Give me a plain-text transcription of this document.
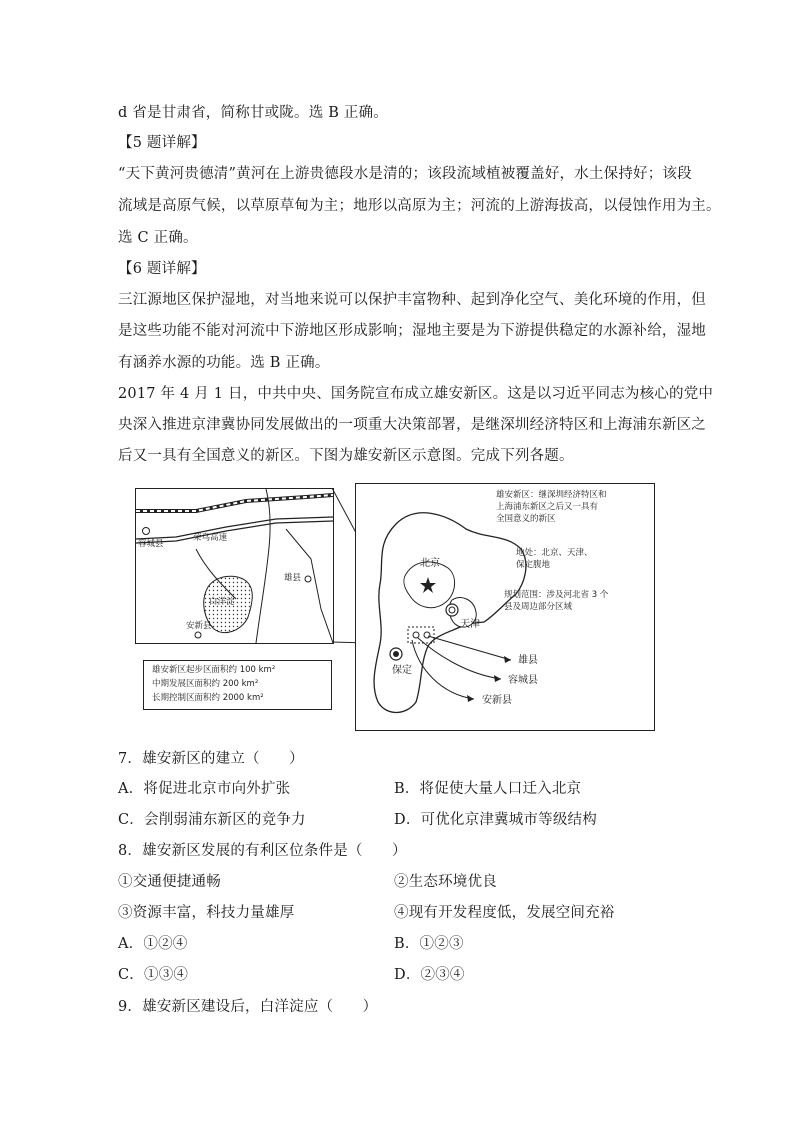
d 省是甘肃省，简称甘或陇。选 B 正确。
【5 题详解】
“天下黄河贵德清”黄河在上游贵德段水是清的；该段流域植被覆盖好，水土保持好；该段
流域是高原气候，以草原草甸为主；地形以高原为主；河流的上游海拔高，以侵蚀作用为主。
选 C 正确。
【6 题详解】
三江源地区保护湿地，对当地来说可以保护丰富物种、起到净化空气、美化环境的作用，但
是这些功能不能对河流中下游地区形成影响；湿地主要是为下游提供稳定的水源补给，湿地
有涵养水源的功能。选 B 正确。
2017 年 4 月 1 日，中共中央、国务院宣布成立雄安新区。这是以习近平同志为核心的党中
央深入推进京津冀协同发展做出的一项重大决策部署，是继深圳经济特区和上海浦东新区之
后又一具有全国意义的新区。下图为雄安新区示意图。完成下列各题。
容城县
荣乌高速
雄县
白洋淀
安新县
雄安新区起步区面积约 100 km²
中期发展区面积约 200 km²
长期控制区面积约 2000 km²
雄安新区：继深圳经济特区和
上海浦东新区之后又一具有
全国意义的新区
地处：北京、天津、
保定腹地
规划范围：涉及河北省 3 个
县及周边部分区域
北京
天津
保定
雄县
容城县
安新县
7．雄安新区的建立（　　）
A．将促进北京市向外扩张	B．将促使大量人口迁入北京
C．会削弱浦东新区的竞争力	D．可优化京津冀城市等级结构
8．雄安新区发展的有利区位条件是（　　）
①交通便捷通畅	②生态环境优良
③资源丰富，科技力量雄厚	④现有开发程度低，发展空间充裕
A．①②④	B．①②③
C．①③④	D．②③④
9．雄安新区建设后，白洋淀应（　　）
